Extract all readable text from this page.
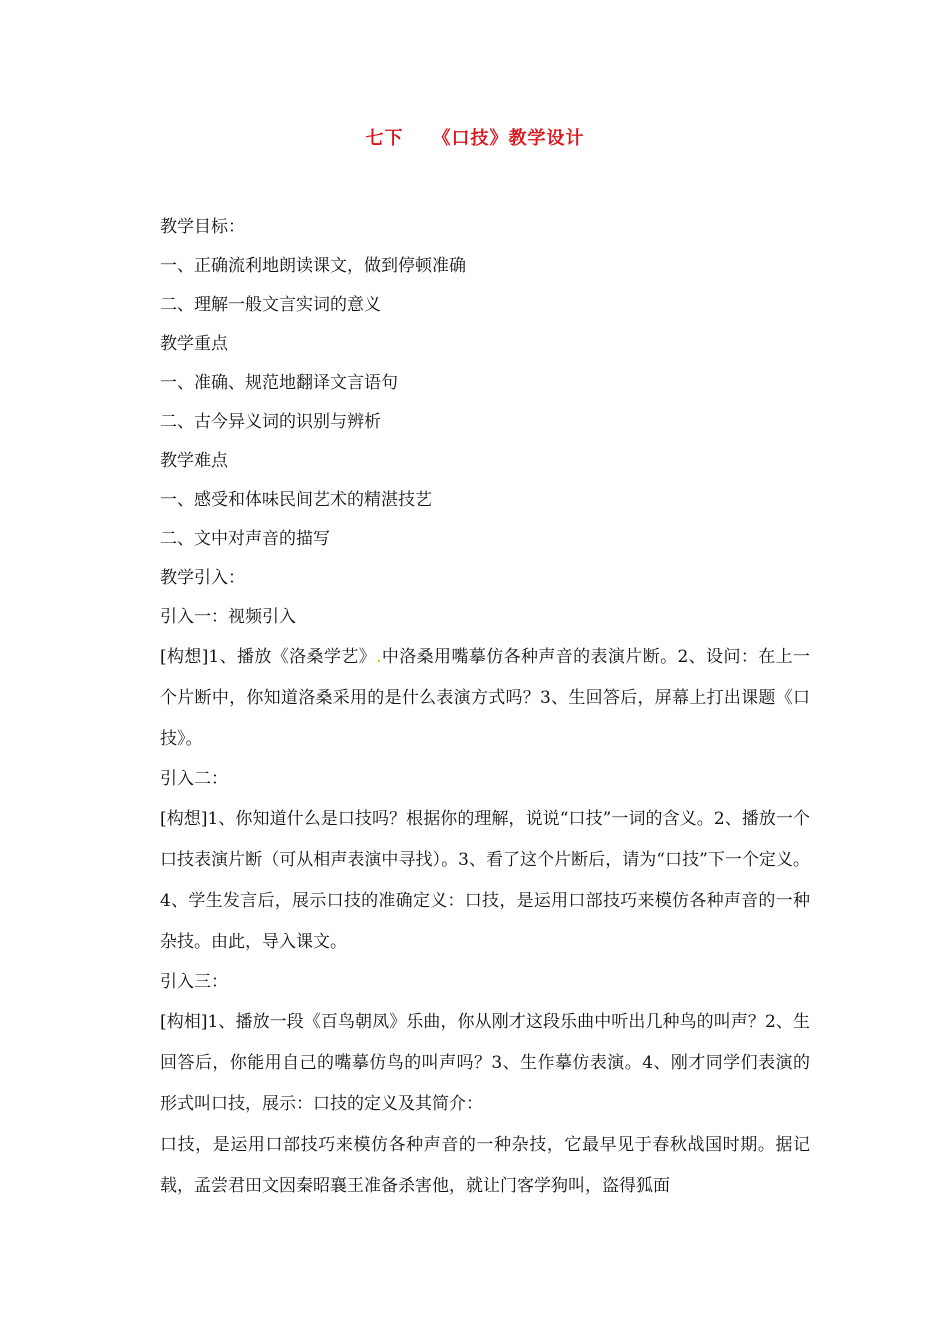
七下    《口技》教学设计
教学目标：
一、正确流利地朗读课文，做到停顿准确
二、理解一般文言实词的意义
教学重点
一、准确、规范地翻译文言语句
二、古今异义词的识别与辨析
教学难点
一、感受和体味民间艺术的精湛技艺
二、文中对声音的描写
教学引入：
引入一：视频引入
[构想]1、播放《洛桑学艺》.中洛桑用嘴摹仿各种声音的表演片断。2、设问：在上一个片断中，你知道洛桑采用的是什么表演方式吗？3、生回答后，屏幕上打出课题《口技》。
引入二：
[构想]1、你知道什么是口技吗？根据你的理解，说说“口技”一词的含义。2、播放一个口技表演片断（可从相声表演中寻找）。3、看了这个片断后，请为“口技”下一个定义。4、学生发言后，展示口技的准确定义：口技，是运用口部技巧来模仿各种声音的一种杂技。由此，导入课文。
引入三：
[构相]1、播放一段《百鸟朝凤》乐曲，你从刚才这段乐曲中听出几种鸟的叫声？2、生回答后，你能用自己的嘴摹仿鸟的叫声吗？3、生作摹仿表演。4、刚才同学们表演的形式叫口技，展示：口技的定义及其简介：
口技，是运用口部技巧来模仿各种声音的一种杂技，它最早见于春秋战国时期。据记载，孟尝君田文因秦昭襄王准备杀害他，就让门客学狗叫，盗得狐面
